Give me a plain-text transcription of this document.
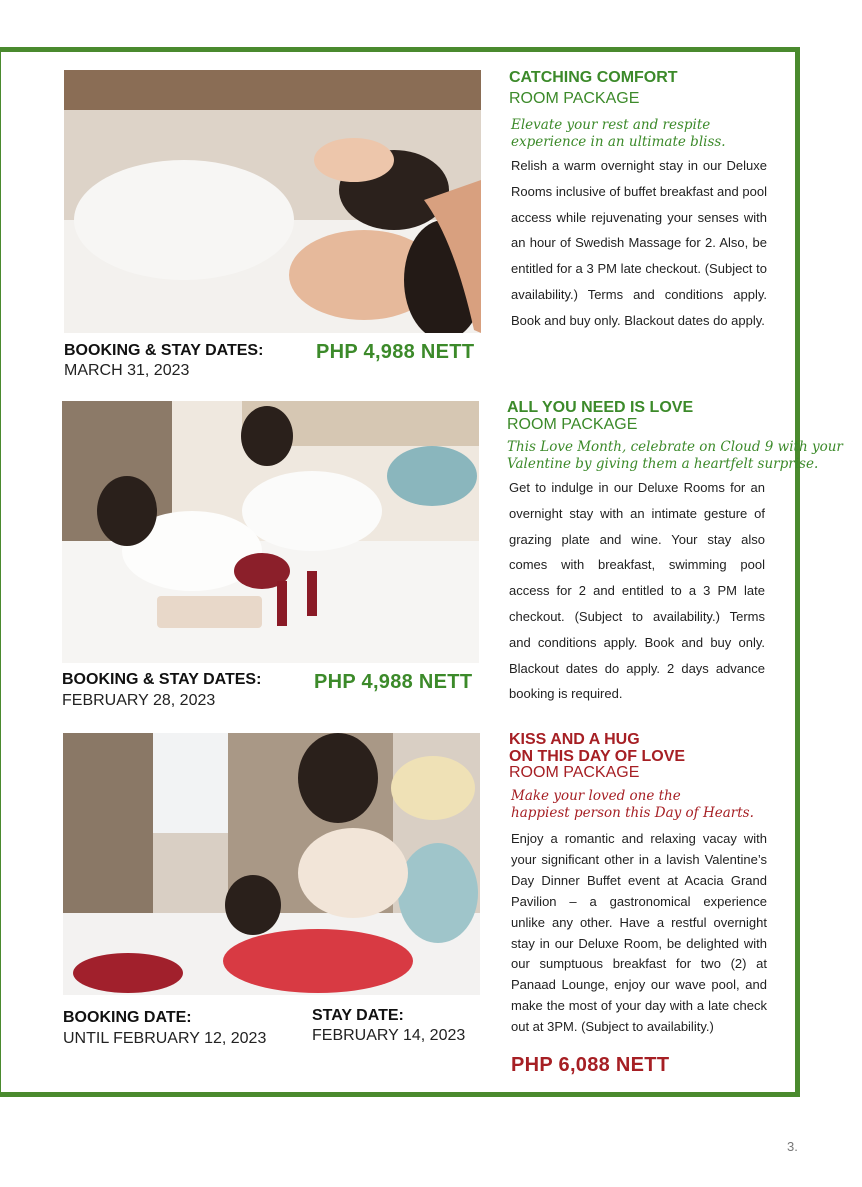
CATCHING COMFORT
ROOM PACKAGE
Elevate your rest and respite
experience in an ultimate bliss.
Relish a warm overnight stay in our Deluxe Rooms inclusive of buffet breakfast and pool access while rejuvenating your senses with an hour of Swedish Massage for 2. Also, be entitled for a 3 PM late checkout. (Subject to availability.) Terms and conditions apply. Book and buy only. Blackout dates do apply.
BOOKING & STAY DATES:
MARCH 31, 2023
PHP 4,988 NETT
ALL YOU NEED IS LOVE
ROOM PACKAGE
This Love Month, celebrate on Cloud 9 with your
Valentine by giving them a heartfelt surprise.
Get to indulge in our Deluxe Rooms for an overnight stay with an intimate gesture of grazing plate and wine. Your stay also comes with breakfast, swimming pool access for 2 and entitled to a 3 PM late checkout. (Subject to availability.) Terms and conditions apply. Book and buy only. Blackout dates do apply. 2 days advance booking is required.
BOOKING & STAY DATES:
FEBRUARY 28, 2023
PHP 4,988 NETT
KISS AND A HUG
ON THIS DAY OF LOVE
ROOM PACKAGE
Make your loved one the
happiest person this Day of Hearts.
Enjoy a romantic and relaxing vacay with your significant other in a lavish Valentine’s Day Dinner Buffet event at Acacia Grand Pavilion – a gastronomical experience unlike any other. Have a restful overnight stay in our Deluxe Room, be delighted with our sumptuous breakfast for two (2) at Panaad Lounge, enjoy our wave pool, and make the most of your day with a late check out at 3PM. (Subject to availability.)
BOOKING DATE:
UNTIL FEBRUARY 12, 2023
STAY DATE:
FEBRUARY 14, 2023
PHP 6,088 NETT
3.
